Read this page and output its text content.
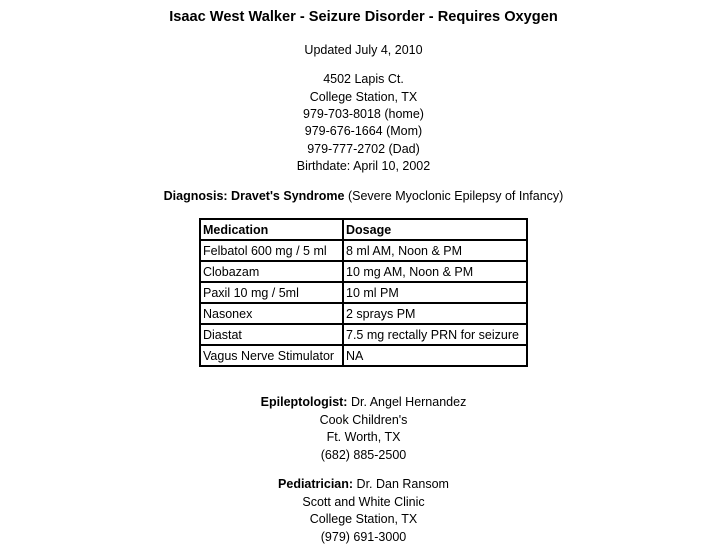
Isaac West Walker - Seizure Disorder - Requires Oxygen
Updated July 4, 2010
4502 Lapis Ct.
College Station, TX
979-703-8018 (home)
979-676-1664 (Mom)
979-777-2702 (Dad)
Birthdate: April 10, 2002
Diagnosis: Dravet's Syndrome (Severe Myoclonic Epilepsy of Infancy)
Medication	Dosage
Felbatol 600 mg / 5 ml	8 ml AM, Noon & PM
Clobazam	10 mg AM, Noon & PM
Paxil 10 mg / 5ml	10 ml PM
Nasonex	2 sprays PM
Diastat	7.5 mg rectally PRN for seizure
Vagus Nerve Stimulator	NA
Epileptologist: Dr. Angel Hernandez
Cook Children's
Ft. Worth, TX
(682) 885-2500
Pediatrician: Dr. Dan Ransom
Scott and White Clinic
College Station, TX
(979) 691-3000
